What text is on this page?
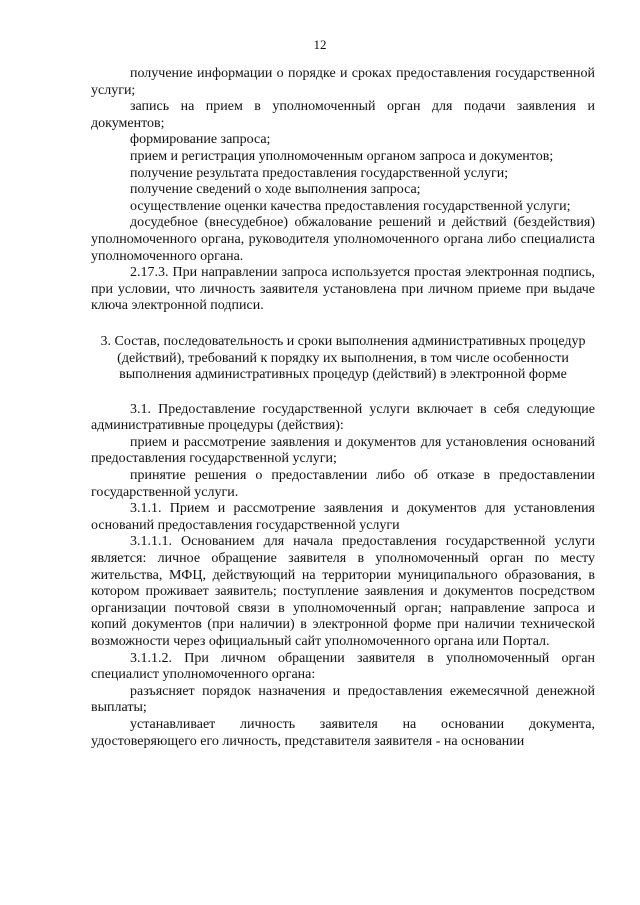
12

получение информации о порядке и сроках предоставления государственной услуги;

запись на прием в уполномоченный орган для подачи заявления и документов;

формирование запроса;

прием и регистрация уполномоченным органом запроса и документов;

получение результата предоставления государственной услуги;

получение сведений о ходе выполнения запроса;

осуществление оценки качества предоставления государственной услуги;

досудебное (внесудебное) обжалование решений и действий (бездействия) уполномоченного органа, руководителя уполномоченного органа либо специалиста уполномоченного органа.

2.17.3. При направлении запроса используется простая электронная подпись, при условии, что личность заявителя установлена при личном приеме при выдаче ключа электронной подписи.

3. Состав, последовательность и сроки выполнения административных процедур (действий), требований к порядку их выполнения, в том числе особенности выполнения административных процедур (действий) в электронной форме

3.1. Предоставление государственной услуги включает в себя следующие административные процедуры (действия):

прием и рассмотрение заявления и документов для установления оснований предоставления государственной услуги;

принятие решения о предоставлении либо об отказе в предоставлении государственной услуги.

3.1.1. Прием и рассмотрение заявления и документов для установления оснований предоставления государственной услуги

3.1.1.1. Основанием для начала предоставления государственной услуги является: личное обращение заявителя в уполномоченный орган по месту жительства, МФЦ, действующий на территории муниципального образования, в котором проживает заявитель; поступление заявления и документов посредством организации почтовой связи в уполномоченный орган; направление запроса и копий документов (при наличии) в электронной форме при наличии технической возможности через официальный сайт уполномоченного органа или Портал.

3.1.1.2. При личном обращении заявителя в уполномоченный орган специалист уполномоченного органа:

разъясняет порядок назначения и предоставления ежемесячной денежной выплаты;

устанавливает личность заявителя на основании документа, удостоверяющего его личность, представителя заявителя - на основании
